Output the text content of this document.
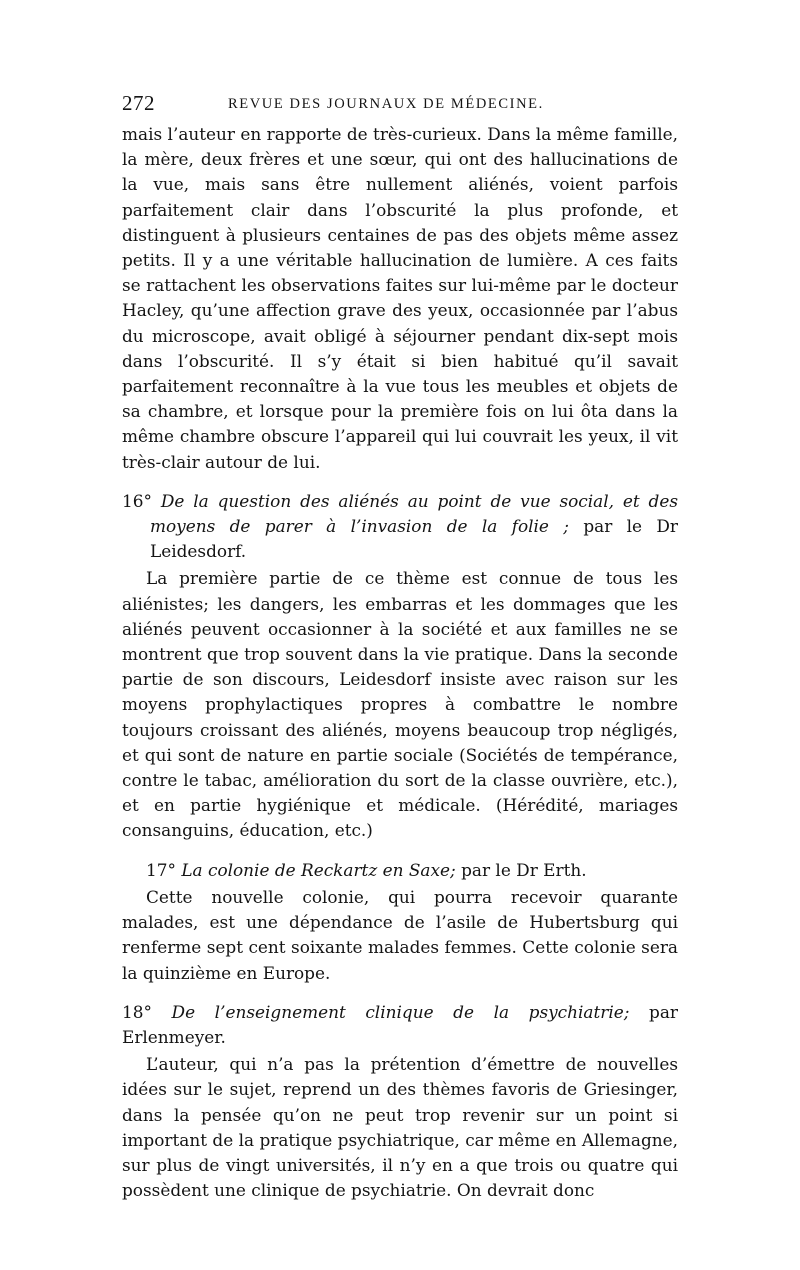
272	REVUE DES JOURNAUX DE MÉDECINE.

mais l’auteur en rapporte de très-curieux. Dans la même famille, la mère, deux frères et une sœur, qui ont des hallucinations de la vue, mais sans être nullement aliénés, voient parfois parfaitement clair dans l’obscurité la plus profonde, et distinguent à plusieurs centaines de pas des objets même assez petits. Il y a une véritable hallucination de lumière. A ces faits se rattachent les observations faites sur lui-même par le docteur Hacley, qu’une affection grave des yeux, occasionnée par l’abus du microscope, avait obligé à séjourner pendant dix-sept mois dans l’obscurité. Il s’y était si bien habitué qu’il savait parfaitement reconnaître à la vue tous les meubles et objets de sa chambre, et lorsque pour la première fois on lui ôta dans la même chambre obscure l’appareil qui lui couvrait les yeux, il vit très-clair autour de lui.

16° De la question des aliénés au point de vue social, et des moyens de parer à l’invasion de la folie ; par le Dr Leidesdorf.

La première partie de ce thème est connue de tous les aliénistes; les dangers, les embarras et les dommages que les aliénés peuvent occasionner à la société et aux familles ne se montrent que trop souvent dans la vie pratique. Dans la seconde partie de son discours, Leidesdorf insiste avec raison sur les moyens prophylactiques propres à combattre le nombre toujours croissant des aliénés, moyens beaucoup trop négligés, et qui sont de nature en partie sociale (Sociétés de tempérance, contre le tabac, amélioration du sort de la classe ouvrière, etc.), et en partie hygiénique et médicale. (Hérédité, mariages consanguins, éducation, etc.)

17° La colonie de Reckartz en Saxe; par le Dr Erth.

Cette nouvelle colonie, qui pourra recevoir quarante malades, est une dépendance de l’asile de Hubertsburg qui renferme sept cent soixante malades femmes. Cette colonie sera la quinzième en Europe.

18° De l’enseignement clinique de la psychiatrie; par Erlenmeyer.

L’auteur, qui n’a pas la prétention d’émettre de nouvelles idées sur le sujet, reprend un des thèmes favoris de Griesinger, dans la pensée qu’on ne peut trop revenir sur un point si important de la pratique psychiatrique, car même en Allemagne, sur plus de vingt universités, il n’y en a que trois ou quatre qui possèdent une clinique de psychiatrie. On devrait donc
